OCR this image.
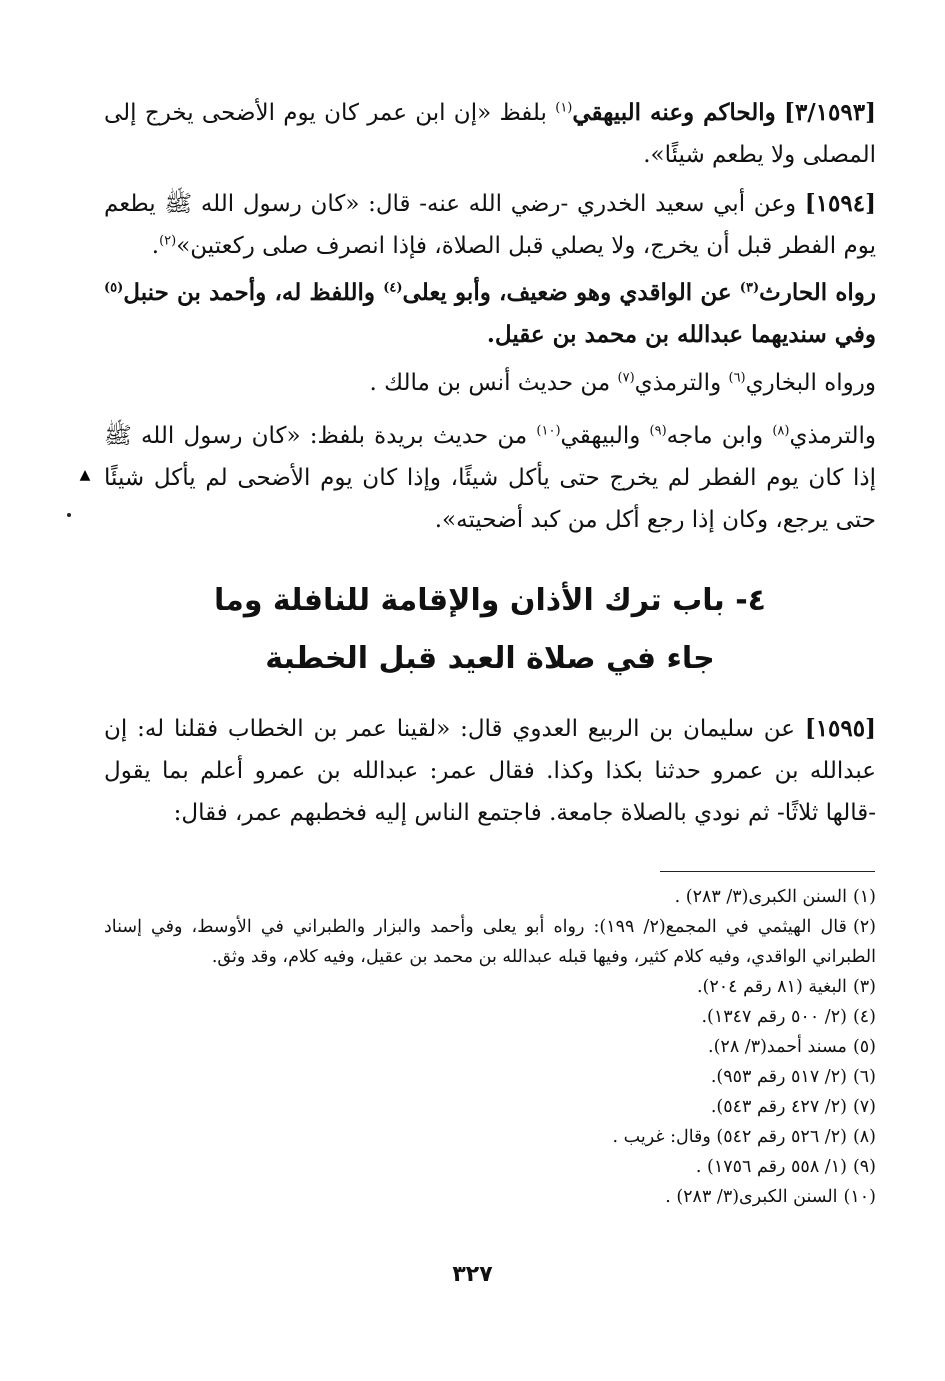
[٣/١٥٩٣] والحاكم وعنه البيهقي$^{(١)}$ بلفظ «إن ابن عمر كان يوم الأضحى يخرج إلى المصلى ولا يطعم شيئًا».

[١٥٩٤] وعن أبي سعيد الخدري -رضي الله عنه- قال: «كان رسول الله ﷺ يطعم يوم الفطر قبل أن يخرج، ولا يصلي قبل الصلاة، فإذا انصرف صلى ركعتين»$^{(٢)}$.

رواه الحارث$^{(٣)}$ عن الواقدي وهو ضعيف، وأبو يعلى$^{(٤)}$ واللفظ له، وأحمد بن حنبل$^{(٥)}$ وفي سنديهما عبدالله بن محمد بن عقيل.

ورواه البخاري$^{(٦)}$ والترمذي$^{(٧)}$ من حديث أنس بن مالك .

والترمذي$^{(٨)}$ وابن ماجه$^{(٩)}$ والبيهقي$^{(١٠)}$ من حديث بريدة بلفظ: «كان رسول الله ﷺ إذا كان يوم الفطر لم يخرج حتى يأكل شيئًا، وإذا كان يوم الأضحى لم يأكل شيئًا حتى يرجع، وكان إذا رجع أكل من كبد أضحيته».

▲
٤- باب ترك الأذان والإقامة للنافلة وما
جاء في صلاة العيد قبل الخطبة

[١٥٩٥] عن سليمان بن الربيع العدوي قال: «لقينا عمر بن الخطاب فقلنا له: إن عبدالله بن عمرو حدثنا بكذا وكذا. فقال عمر: عبدالله بن عمرو أعلم بما يقول -قالها ثلاثًا- ثم نودي بالصلاة جامعة. فاجتمع الناس إليه فخطبهم عمر، فقال:

(١)السنن الكبرى(٣/ ٢٨٣) .

(٢)قال الهيثمي في المجمع(٢/ ١٩٩): رواه أبو يعلى وأحمد والبزار والطبراني في الأوسط، وفي إسناد الطبراني الواقدي، وفيه كلام كثير، وفيها قبله عبدالله بن محمد بن عقيل، وفيه كلام، وقد وثق.

(٣)البغية (٨١ رقم ٢٠٤).

(٤)(٢/ ٥٠٠ رقم ١٣٤٧).

(٥)مسند أحمد(٣/ ٢٨).

(٦)(٢/ ٥١٧ رقم ٩٥٣).

(٧)(٢/ ٤٢٧ رقم ٥٤٣).

(٨)(٢/ ٥٢٦ رقم ٥٤٢) وقال: غريب .

(٩)(١/ ٥٥٨ رقم ١٧٥٦) .

(١٠)السنن الكبرى(٣/ ٢٨٣) .

٣٢٧
